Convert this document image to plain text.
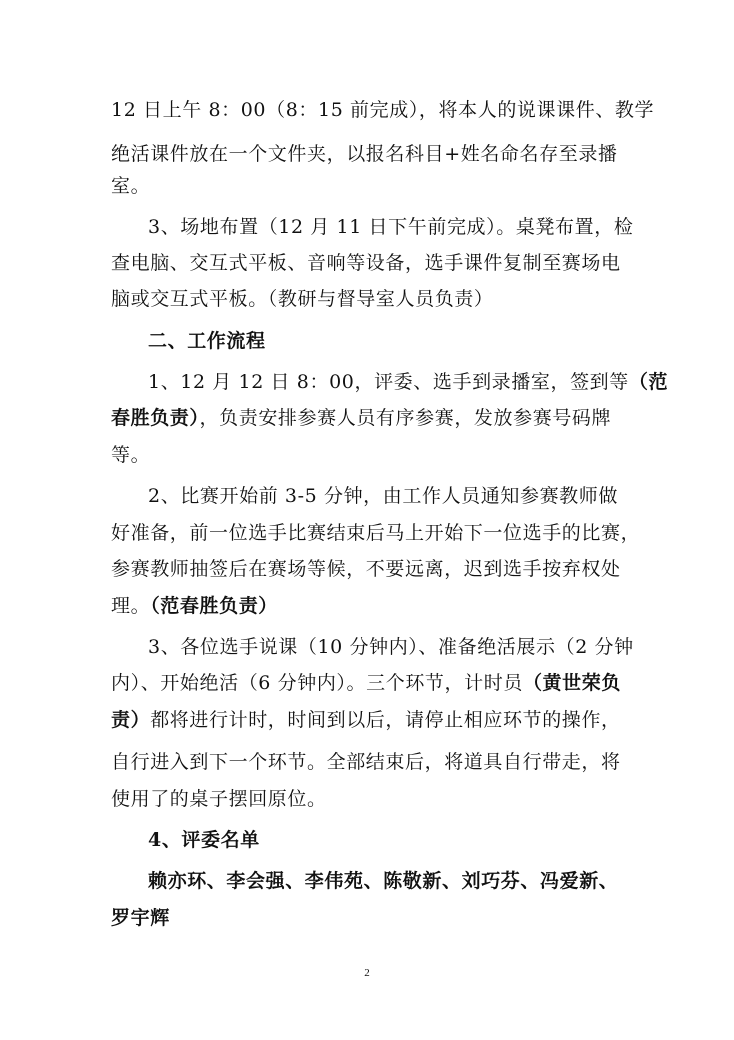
12 日上午 8：00（8：15 前完成），将本人的说课课件、教学
绝活课件放在一个文件夹，以报名科目+姓名命名存至录播
室。
3、场地布置（12 月 11 日下午前完成）。桌凳布置，检
查电脑、交互式平板、音响等设备，选手课件复制至赛场电
脑或交互式平板。（教研与督导室人员负责）
二、工作流程
1、12 月 12 日 8：00，评委、选手到录播室，签到等（范
春胜负责），负责安排参赛人员有序参赛，发放参赛号码牌
等。
2、比赛开始前 3-5 分钟，由工作人员通知参赛教师做
好准备，前一位选手比赛结束后马上开始下一位选手的比赛，
参赛教师抽签后在赛场等候，不要远离，迟到选手按弃权处
理。（范春胜负责）
3、各位选手说课（10 分钟内）、准备绝活展示（2 分钟
内）、开始绝活（6 分钟内）。三个环节，计时员（黄世荣负
责）都将进行计时，时间到以后，请停止相应环节的操作，
自行进入到下一个环节。全部结束后，将道具自行带走，将
使用了的桌子摆回原位。
4、评委名单
赖亦环、李会强、李伟苑、陈敬新、刘巧芬、冯爱新、
罗宇辉
2
